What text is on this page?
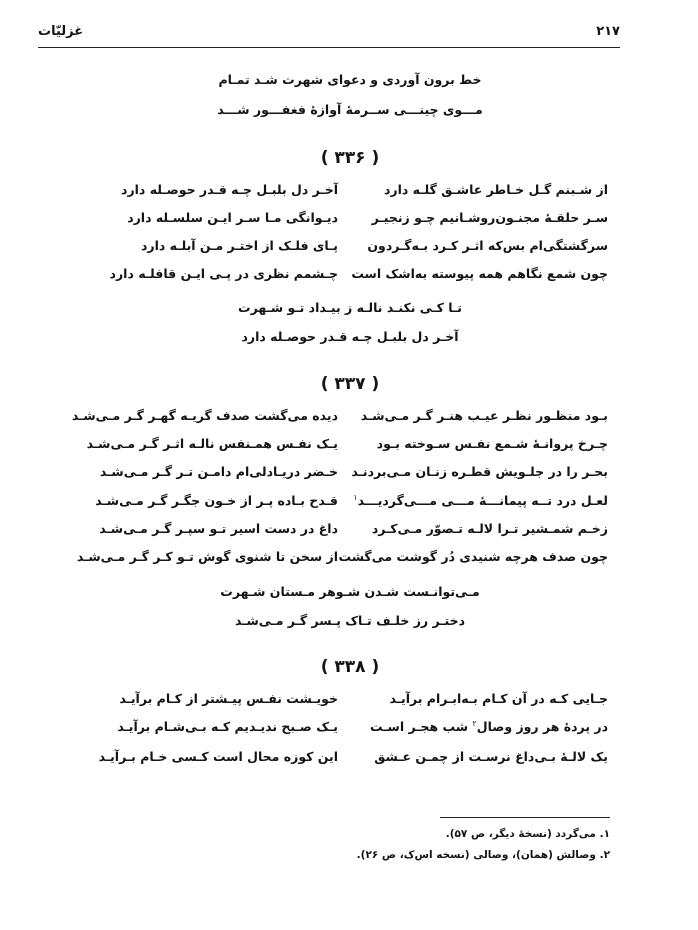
۲۱۷
غزلیّات
خط برون آوردی و دعوای شهرت شـد تمـام
مـــوی چینـــی ســرمهٔ آوازهٔ فغفـــور شـــد
( ۳۳۶ )
از شـبنم گـل خـاطر عاشـق گلـه دارد
آخـر دل بلبـل چـه قـدر حوصـله دارد
سـر حلقـهٔ مجنـون‌روشـانیم چـو زنجیـر
دیـوانگی مـا سـر ایـن سلسـله دارد
سرگشتگی‌ام بس‌که اثـر کـرد بـه‌گـردون
پـای فلـک از اختـر مـن آبلـه دارد
چون شمع نگاهم همه پیوسته به‌اشک است
چـشمم نظری در پـی ایـن قافلـه دارد
تـا کـی نکنـد نالـه ز بیـداد تـو شـهرت
آخـر دل بلبـل چـه قـدر حوصـله دارد
( ۳۳۷ )
بـود منظـور نظـر عیـب هنـر گـر مـی‌شـد
دیده می‌گشت صدف گریـه گهـر گـر مـی‌شـد
چـرخ پروانـهٔ شـمع نفـس سـوخته بـود
یـک نفـس همـنفس نالـه اثـر گـر مـی‌شـد
بحـر را در جلـویش قطـره زنـان مـی‌بردنـد
خـضر دریـادلی‌ام دامـن تـر گـر مـی‌شـد
لعـل درد تــه پیمانـــهٔ مـــی مـــی‌گردیـــد$^۱$
قـدح بـاده پـر از خـون جگـر گـر مـی‌شـد
زخـم شمـشیر تـرا لالـه تـصوّر مـی‌کـرد
داغ در دست اسیر تـو سپـر گـر مـی‌شـد
چون صدف هرچه شنیدی دُر گوشت می‌گشت
از سخن تا شنوی گوش تـو کـر گـر مـی‌شـد
مـی‌توانـست شـدن شـوهر مـستان شـهرت
دختـر رز خلـف تـاک پـسر گـر مـی‌شـد
( ۳۳۸ )
جـایی کـه در آن کـام بـه‌ابـرام برآیـد
خویـشت نفـس پیـشتر از کـام برآیـد
در پردهٔ هر روز وصال$^۲$ شب هجـر اسـت
یـک صـبح ندیـدیم کـه بـی‌شـام برآیـد
یک لالـهٔ بـی‌داغ نرسـت از چمـن عـشق
این کوزه محال است کـسی خـام بـرآیـد
۱. می‌گردد (نسخهٔ دیگر، ص ۵۷).
۲. وصالش (همان)، وصالی (نسخه اس‌ک، ص ۲۶).
